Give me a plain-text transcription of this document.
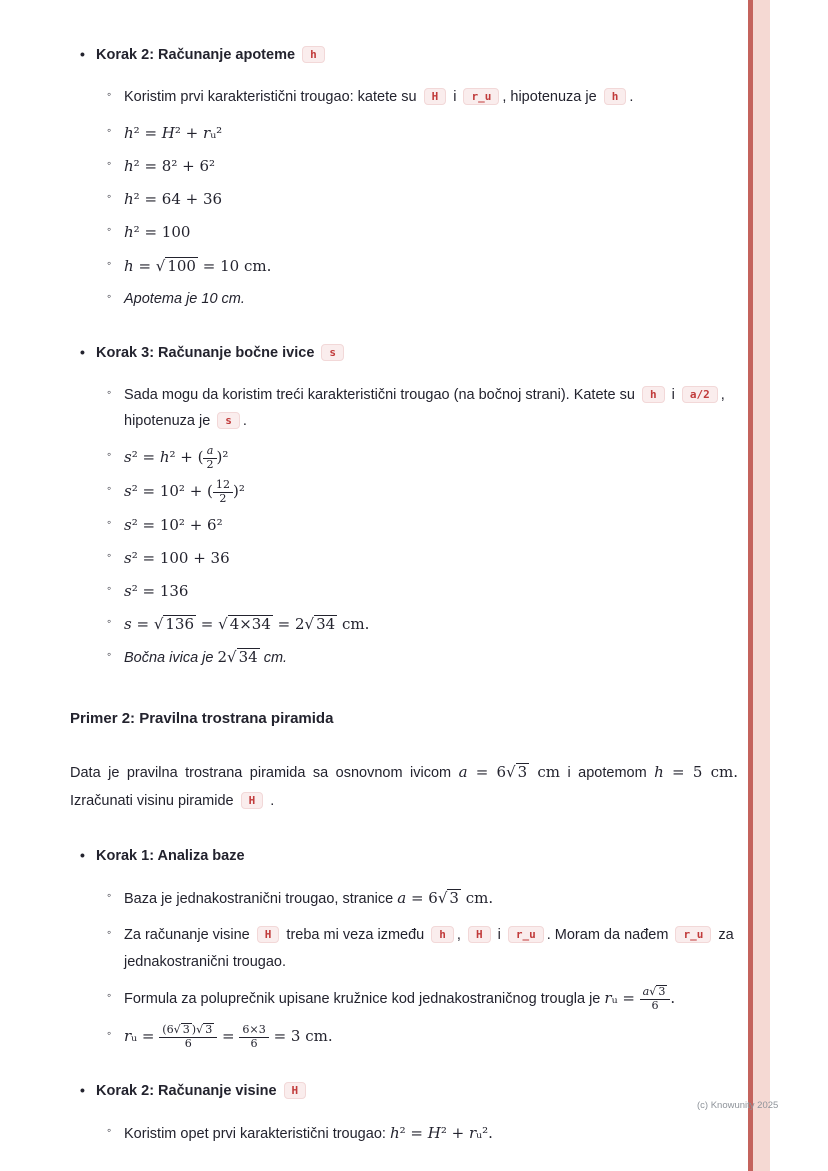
• Korak 2: Računanje apoteme h
◦ Koristim prvi karakteristični trougao: katete su H i r_u , hipotenuza je h .
◦ h² = H² + rᵤ²
◦ h² = 8² + 6²
◦ h² = 64 + 36
◦ h² = 100
◦ h = √ 100 = 10 cm.
◦ Apotema je 10 cm.
• Korak 3: Računanje bočne ivice s
◦ Sada mogu da koristim treći karakteristični trougao (na bočnoj strani). Katete su h i a/2 , hipotenuza je s .
◦ s² = h² + ( $\frac{a}{2} )^2$
◦ s² = 10² + ( $\frac{12}{2} )^2$
◦ s² = 10² + 6²
◦ s² = 100 + 36
◦ s² = 136
◦ s = √ 136 = √ 4×34 = 2√ 34 cm.
◦ Bočna ivica je 2√ 34 cm.
Primer 2: Pravilna trostrana piramida
Data je pravilna trostrana piramida sa osnovnom ivicom a = 6√ 3 cm i apotemom h = 5 cm. Izračunati visinu piramide H .
• Korak 1: Analiza baze
◦ Baza je jednakostranični trougao, stranice a = 6√ 3 cm.
◦ Za računanje visine H treba mi veza između h , H i r_u . Moram da nađem r_u za jednakostranični trougao.
◦ Formula za poluprečnik upisane kružnice kod jednakostraničnog trougla je rᵤ = $\frac{a√ 3}{6}$ .
◦ rᵤ = $\frac{(6√ 3 )√ 3}{6} = \frac{6\times 3}{6} = 3$ cm.
• Korak 2: Računanje visine H
◦ Koristim opet prvi karakteristični trougao: h² = H² + rᵤ².
(c) Knowunity 2025
